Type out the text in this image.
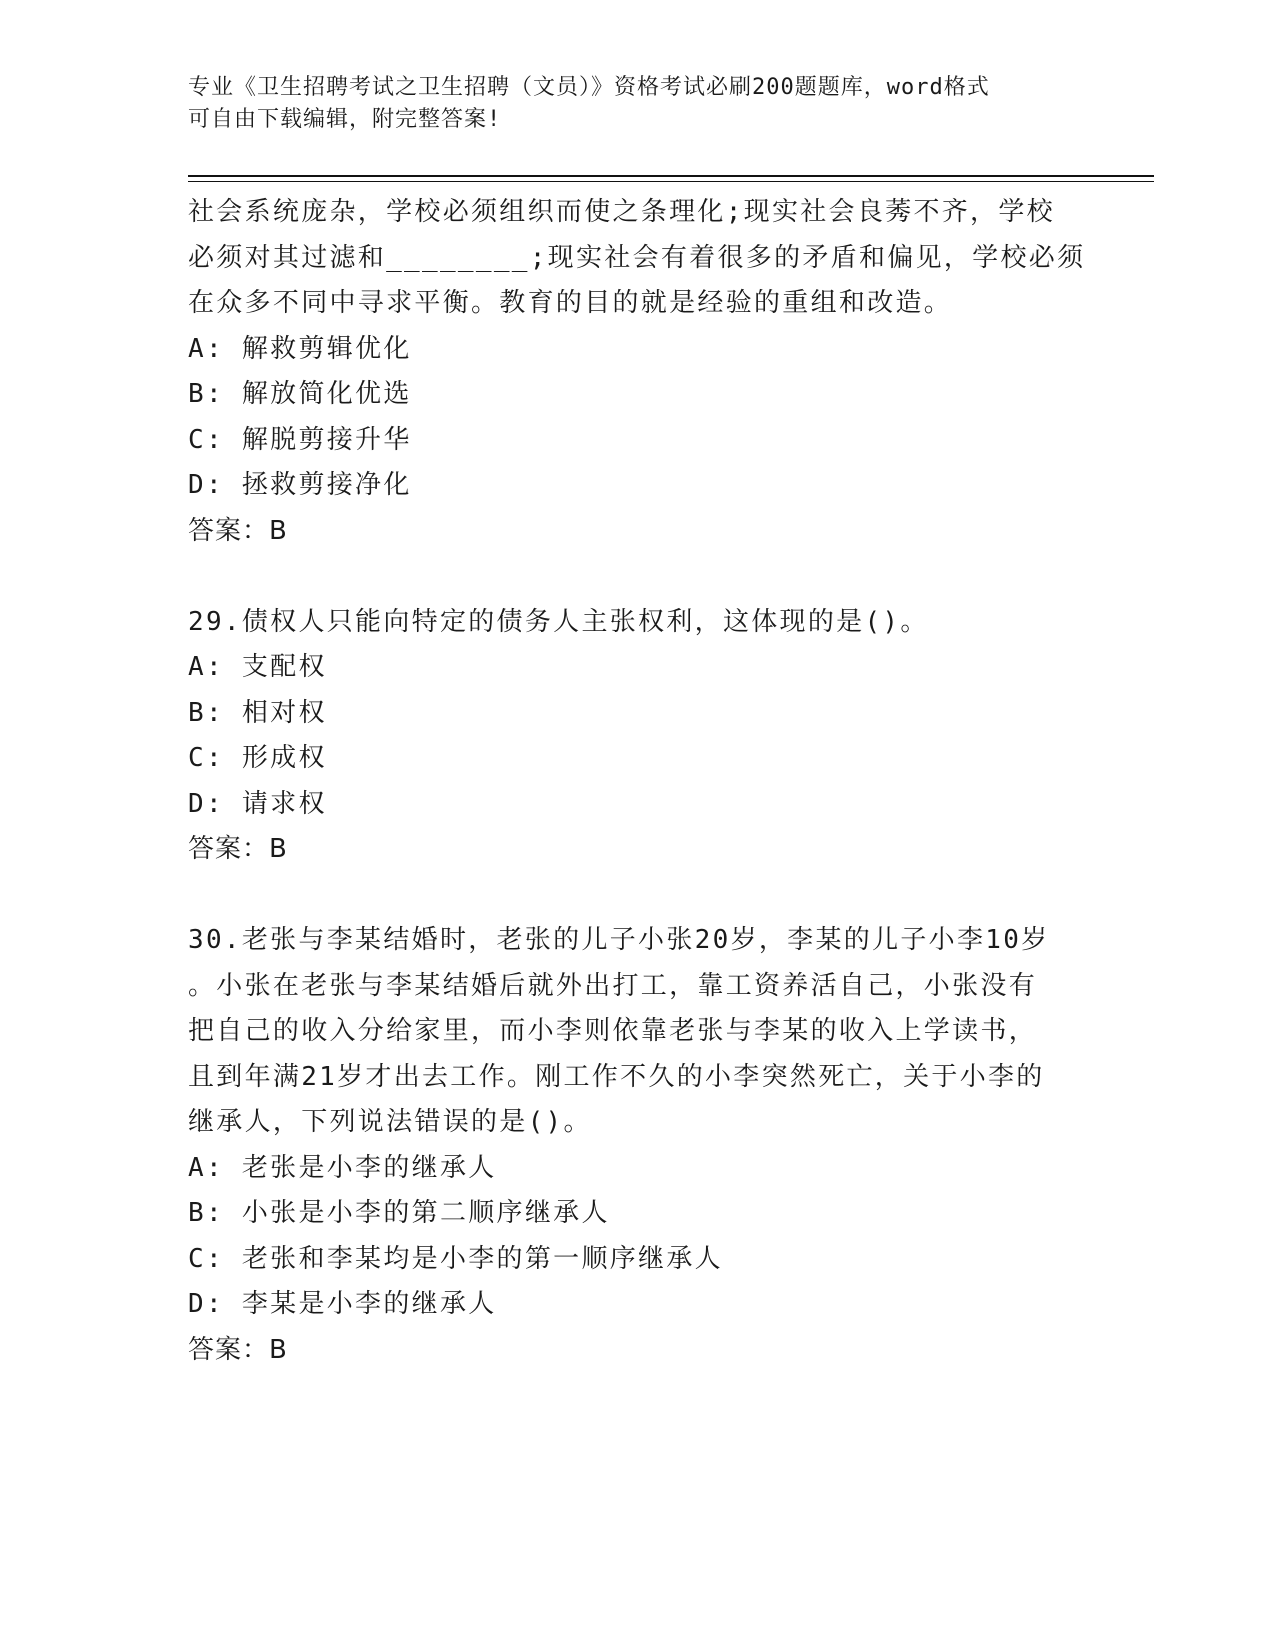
专业《卫生招聘考试之卫生招聘（文员）》资格考试必刷200题题库，word格式
可自由下载编辑，附完整答案!
社会系统庞杂，学校必须组织而使之条理化;现实社会良莠不齐，学校
必须对其过滤和________;现实社会有着很多的矛盾和偏见，学校必须
在众多不同中寻求平衡。教育的目的就是经验的重组和改造。
A: 解救剪辑优化
B: 解放简化优选
C: 解脱剪接升华
D: 拯救剪接净化
答案：B
29.债权人只能向特定的债务人主张权利，这体现的是()。
A: 支配权
B: 相对权
C: 形成权
D: 请求权
答案：B
30.老张与李某结婚时，老张的儿子小张20岁，李某的儿子小李10岁
。小张在老张与李某结婚后就外出打工，靠工资养活自己，小张没有
把自己的收入分给家里，而小李则依靠老张与李某的收入上学读书，
且到年满21岁才出去工作。刚工作不久的小李突然死亡，关于小李的
继承人，下列说法错误的是()。
A: 老张是小李的继承人
B: 小张是小李的第二顺序继承人
C: 老张和李某均是小李的第一顺序继承人
D: 李某是小李的继承人
答案：B
